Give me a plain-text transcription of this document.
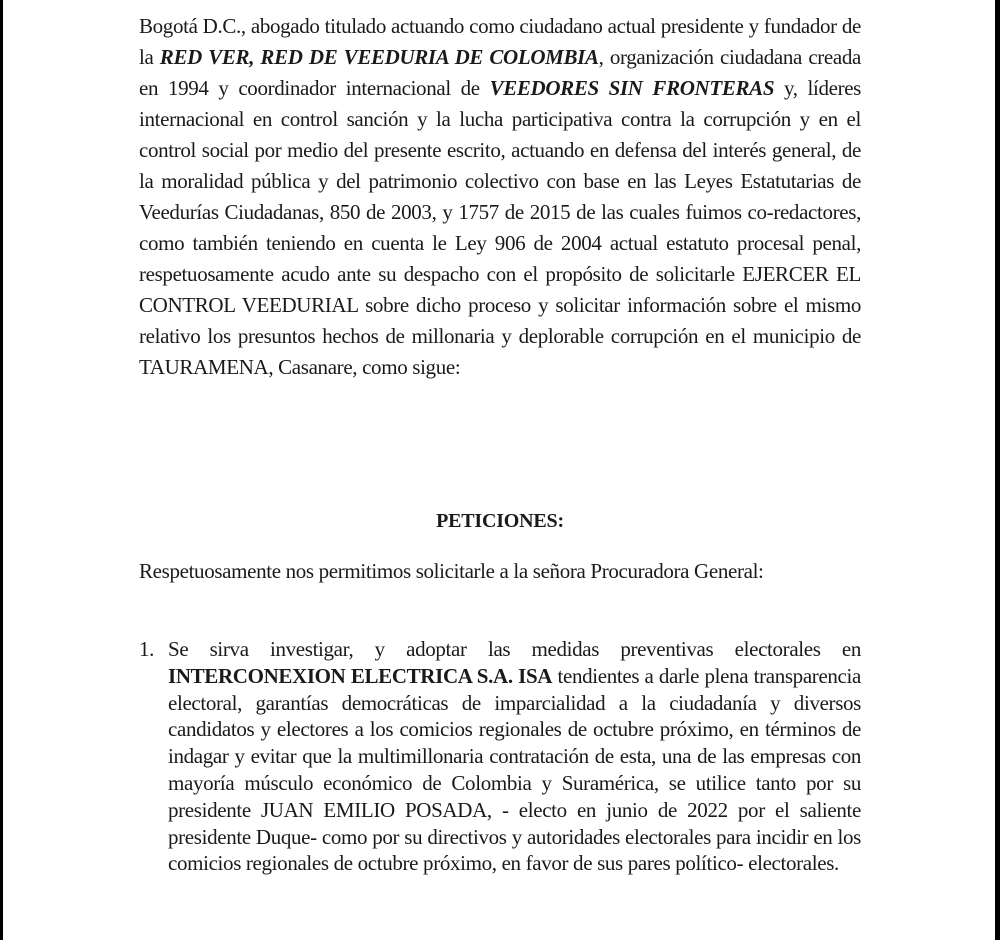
Bogotá D.C., abogado titulado actuando como ciudadano actual presidente y fundador de la RED VER, RED DE VEEDURIA DE COLOMBIA, organización ciudadana creada en 1994 y coordinador internacional de VEEDORES SIN FRONTERAS y, líderes internacional en control sanción y la lucha participativa contra la corrupción y en el control social por medio del presente escrito, actuando en defensa del interés general, de la moralidad pública y del patrimonio colectivo con base en las Leyes Estatutarias de Veedurías Ciudadanas, 850 de 2003, y 1757 de 2015 de las cuales fuimos co-redactores, como también teniendo en cuenta le Ley 906 de 2004 actual estatuto procesal penal, respetuosamente acudo ante su despacho con el propósito de solicitarle EJERCER EL CONTROL VEEDURIAL sobre dicho proceso y solicitar información sobre el mismo relativo los presuntos hechos de millonaria y deplorable corrupción en el municipio de TAURAMENA, Casanare, como sigue:

PETICIONES:

Respetuosamente nos permitimos solicitarle a la señora Procuradora General:

1. Se sirva investigar, y adoptar las medidas preventivas electorales en INTERCONEXION ELECTRICA S.A. ISA tendientes a darle plena transparencia electoral, garantías democráticas de imparcialidad a la ciudadanía y diversos candidatos y electores a los comicios regionales de octubre próximo, en términos de indagar y evitar que la multimillonaria contratación de esta, una de las empresas con mayoría músculo económico de Colombia y Suramérica, se utilice tanto por su presidente JUAN EMILIO POSADA, - electo en junio de 2022 por el saliente presidente Duque- como por su directivos y autoridades electorales para incidir en los comicios regionales de octubre próximo, en favor de sus pares político- electorales.
